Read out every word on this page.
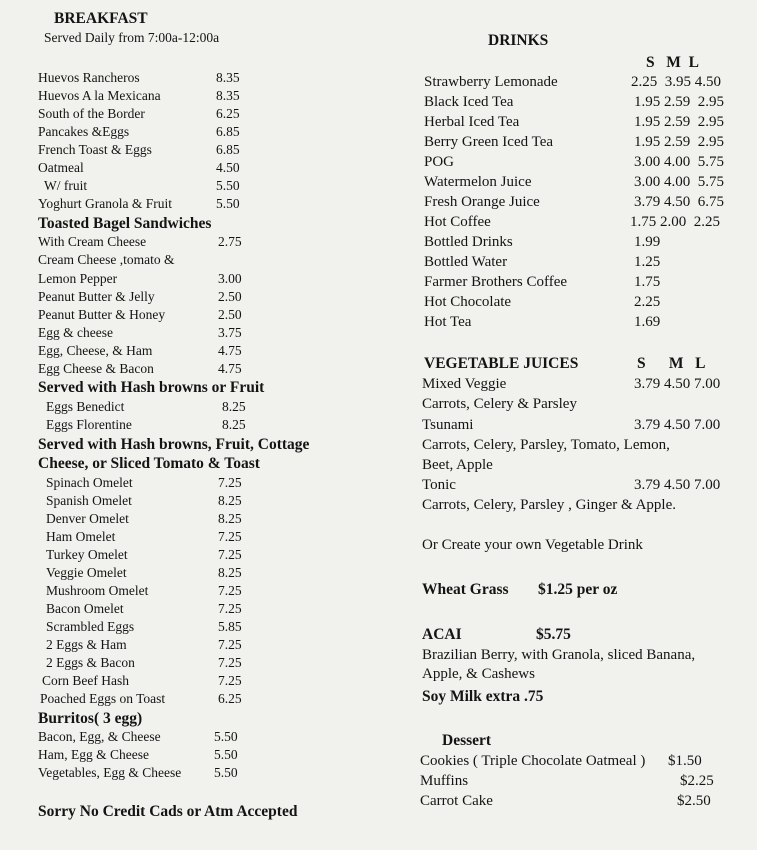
BREAKFAST
Served Daily from 7:00a-12:00a
Huevos Rancheros	8.35
Huevos A la Mexicana	8.35
South of the Border	6.25
Pancakes &Eggs	6.85
French Toast & Eggs	6.85
Oatmeal	4.50
W/ fruit	5.50
Yoghurt Granola & Fruit	5.50
Toasted Bagel Sandwiches
With Cream Cheese	2.75
Cream Cheese ,tomato &
Lemon Pepper	3.00
Peanut Butter & Jelly	2.50
Peanut Butter & Honey	2.50
Egg & cheese	3.75
Egg, Cheese, & Ham	4.75
Egg Cheese & Bacon	4.75
Served with Hash browns or Fruit
Eggs Benedict	8.25
Eggs Florentine	8.25
Served with Hash browns, Fruit, Cottage
Cheese, or Sliced Tomato & Toast
Spinach Omelet	7.25
Spanish Omelet	8.25
Denver Omelet	8.25
Ham Omelet	7.25
Turkey Omelet	7.25
Veggie Omelet	8.25
Mushroom Omelet	7.25
Bacon Omelet	7.25
Scrambled Eggs	5.85
2 Eggs & Ham	7.25
2 Eggs & Bacon	7.25
Corn Beef Hash	7.25
Poached Eggs on Toast	6.25
Burritos( 3 egg)
Bacon, Egg, & Cheese	5.50
Ham, Egg & Cheese	5.50
Vegetables, Egg & Cheese 5.50
Sorry No Credit Cads or Atm Accepted
DRINKS
S   M  L
Strawberry Lemonade	2.25  3.95 4.50
Black Iced Tea	1.95 2.59  2.95
Herbal Iced Tea	1.95 2.59  2.95
Berry Green Iced Tea	1.95 2.59  2.95
POG	3.00 4.00  5.75
Watermelon Juice	3.00 4.00  5.75
Fresh Orange Juice	3.79 4.50  6.75
Hot Coffee	1.75 2.00  2.25
Bottled Drinks	1.99
Bottled Water	1.25
Farmer Brothers Coffee	1.75
Hot Chocolate	2.25
Hot Tea	1.69
VEGETABLE JUICES	S      M   L
Mixed Veggie	3.79 4.50 7.00
Carrots, Celery & Parsley
Tsunami	3.79 4.50 7.00
Carrots, Celery, Parsley, Tomato, Lemon,
Beet, Apple
Tonic	3.79 4.50 7.00
Carrots, Celery, Parsley , Ginger & Apple.
Or Create your own Vegetable Drink
Wheat Grass $1.25 per oz
ACAI	$5.75
Brazilian Berry, with Granola, sliced Banana,
Apple, & Cashews
Soy Milk extra .75
Dessert
Cookies ( Triple Chocolate Oatmeal ) $1.50
Muffins	$2.25
Carrot Cake	$2.50
